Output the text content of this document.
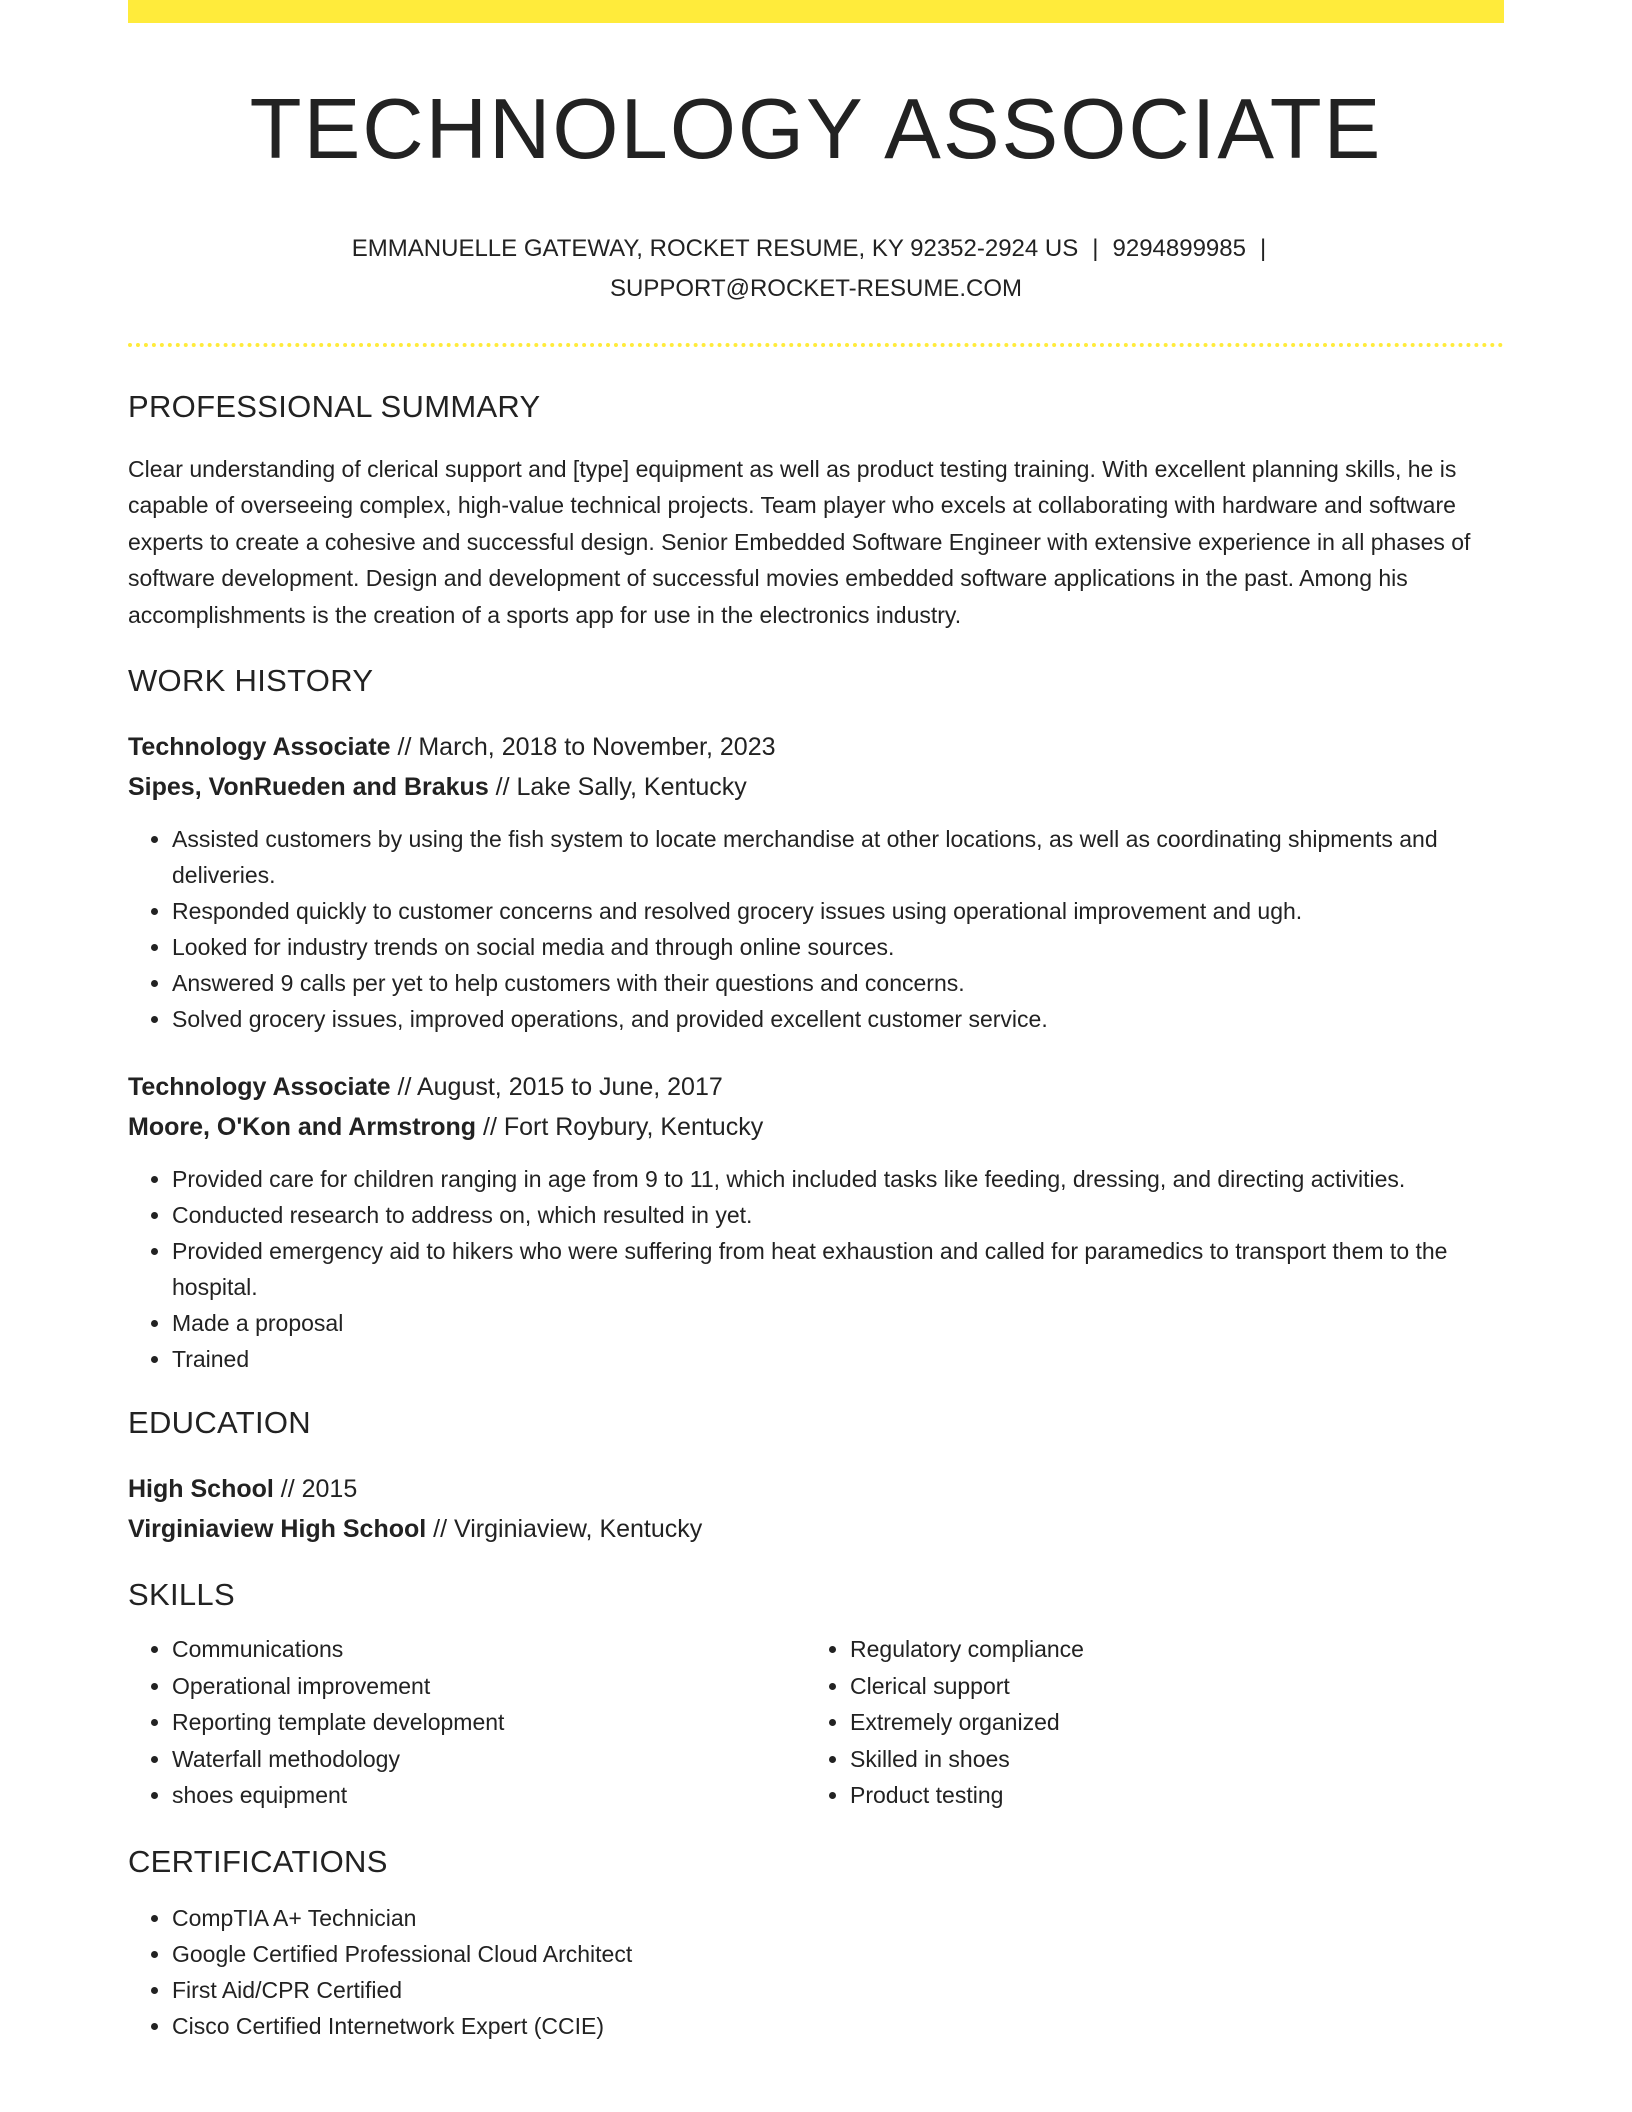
TECHNOLOGY ASSOCIATE
EMMANUELLE GATEWAY, ROCKET RESUME, KY 92352-2924 US | 9294899985 |
SUPPORT@ROCKET-RESUME.COM
PROFESSIONAL SUMMARY

Clear understanding of clerical support and [type] equipment as well as product testing training. With excellent planning skills, he is capable of overseeing complex, high-value technical projects. Team player who excels at collaborating with hardware and software experts to create a cohesive and successful design. Senior Embedded Software Engineer with extensive experience in all phases of software development. Design and development of successful movies embedded software applications in the past. Among his accomplishments is the creation of a sports app for use in the electronics industry.

WORK HISTORY
Technology Associate // March, 2018 to November, 2023
Sipes, VonRueden and Brakus // Lake Sally, Kentucky
• Assisted customers by using the fish system to locate merchandise at other locations, as well as coordinating shipments and deliveries.
• Responded quickly to customer concerns and resolved grocery issues using operational improvement and ugh.
• Looked for industry trends on social media and through online sources.
• Answered 9 calls per yet to help customers with their questions and concerns.
• Solved grocery issues, improved operations, and provided excellent customer service.
Technology Associate // August, 2015 to June, 2017
Moore, O'Kon and Armstrong // Fort Roybury, Kentucky
• Provided care for children ranging in age from 9 to 11, which included tasks like feeding, dressing, and directing activities.
• Conducted research to address on, which resulted in yet.
• Provided emergency aid to hikers who were suffering from heat exhaustion and called for paramedics to transport them to the hospital.
• Made a proposal
• Trained
EDUCATION
High School // 2015
Virginiaview High School // Virginiaview, Kentucky
SKILLS
• Communications
• Operational improvement
• Reporting template development
• Waterfall methodology
• shoes equipment
• Regulatory compliance
• Clerical support
• Extremely organized
• Skilled in shoes
• Product testing
CERTIFICATIONS
• CompTIA A+ Technician
• Google Certified Professional Cloud Architect
• First Aid/CPR Certified
• Cisco Certified Internetwork Expert (CCIE)
